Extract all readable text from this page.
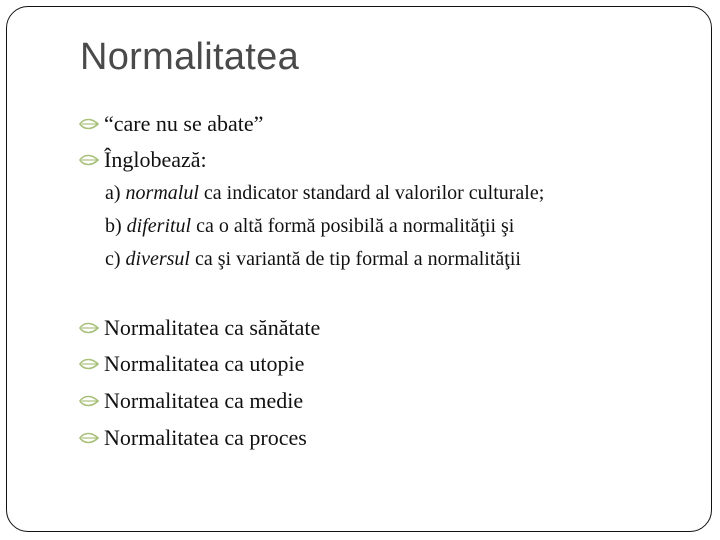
Normalitatea
“care nu se abate”
Înglobează:
a) normalul ca indicator standard al valorilor culturale;
b) diferitul ca o altă formă posibilă a normalităţii şi
c) diversul ca şi variantă de tip formal a normalităţii
Normalitatea ca sănătate
Normalitatea ca utopie
Normalitatea ca medie
Normalitatea ca proces
